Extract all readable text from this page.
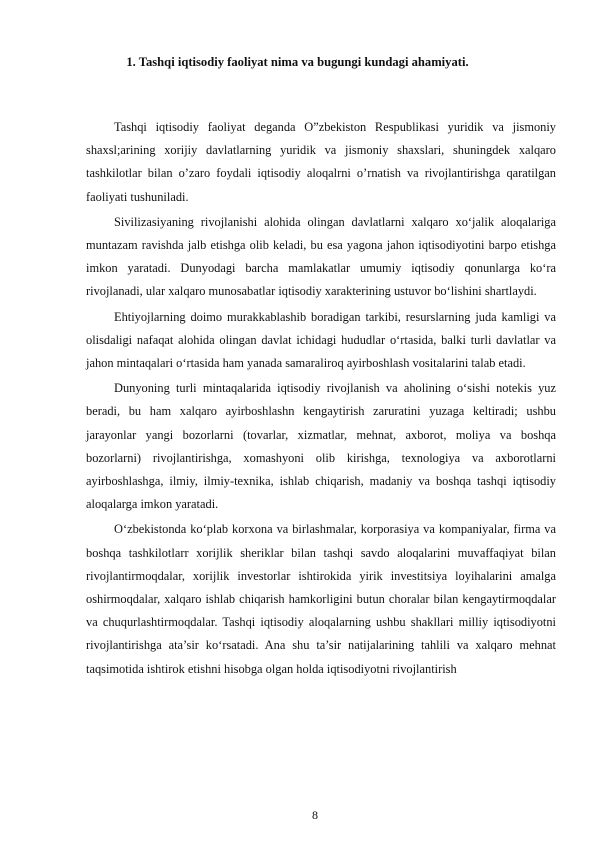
1. Tashqi iqtisodiy faoliyat nima va bugungi kundagi ahamiyati.

Tashqi iqtisodiy faoliyat deganda O”zbekiston Respublikasi yuridik va jismoniy shaxsl;arining xorijiy davlatlarning yuridik va jismoniy shaxslari, shuningdek xalqaro tashkilotlar bilan o’zaro foydali iqtisodiy aloqalrni o’rnatish va rivojlantirishga qaratilgan faoliyati tushuniladi.

Sivilizasiyaning rivojlanishi alohida olingan davlatlarni xalqaro xo‘jalik aloqalariga muntazam ravishda jalb etishga olib keladi, bu esa yagona jahon iqtisodiyotini barpo etishga imkon yaratadi. Dunyodagi barcha mamlakatlar umumiy iqtisodiy qonunlarga ko‘ra rivojlanadi, ular xalqaro munosabatlar iqtisodiy xarakterining ustuvor bo‘lishini shartlaydi.

Ehtiyojlarning doimo murakkablashib boradigan tarkibi, resurslarning juda kamligi va olisdaligi nafaqat alohida olingan davlat ichidagi hududlar o‘rtasida, balki turli davlatlar va jahon mintaqalari o‘rtasida ham yanada samaraliroq ayirboshlash vositalarini talab etadi.

Dunyoning turli mintaqalarida iqtisodiy rivojlanish va aholining o‘sishi notekis yuz beradi, bu ham xalqaro ayirboshlashn kengaytirish zaruratini yuzaga keltiradi; ushbu jarayonlar yangi bozorlarni (tovarlar, xizmatlar, mehnat, axborot, moliya va boshqa bozorlarni) rivojlantirishga, xomashyoni olib kirishga, texnologiya va axborotlarni ayirboshlashga, ilmiy, ilmiy-texnika, ishlab chiqarish, madaniy va boshqa tashqi iqtisodiy aloqalarga imkon yaratadi.

O‘zbekistonda ko‘plab korxona va birlashmalar, korporasiya va kompaniyalar, firma va boshqa tashkilotlarr xorijlik sheriklar bilan tashqi savdo aloqalarini muvaffaqiyat bilan rivojlantirmoqdalar, xorijlik investorlar ishtirokida yirik investitsiya loyihalarini amalga oshirmoqdalar, xalqaro ishlab chiqarish hamkorligini butun choralar bilan kengaytirmoqdalar va chuqurlashtirmoqdalar. Tashqi iqtisodiy aloqalarning ushbu shakllari milliy iqtisodiyotni rivojlantirishga ata’sir ko‘rsatadi. Ana shu ta’sir natijalarining tahlili va xalqaro mehnat taqsimotida ishtirok etishni hisobga olgan holda iqtisodiyotni rivojlantirish

8
